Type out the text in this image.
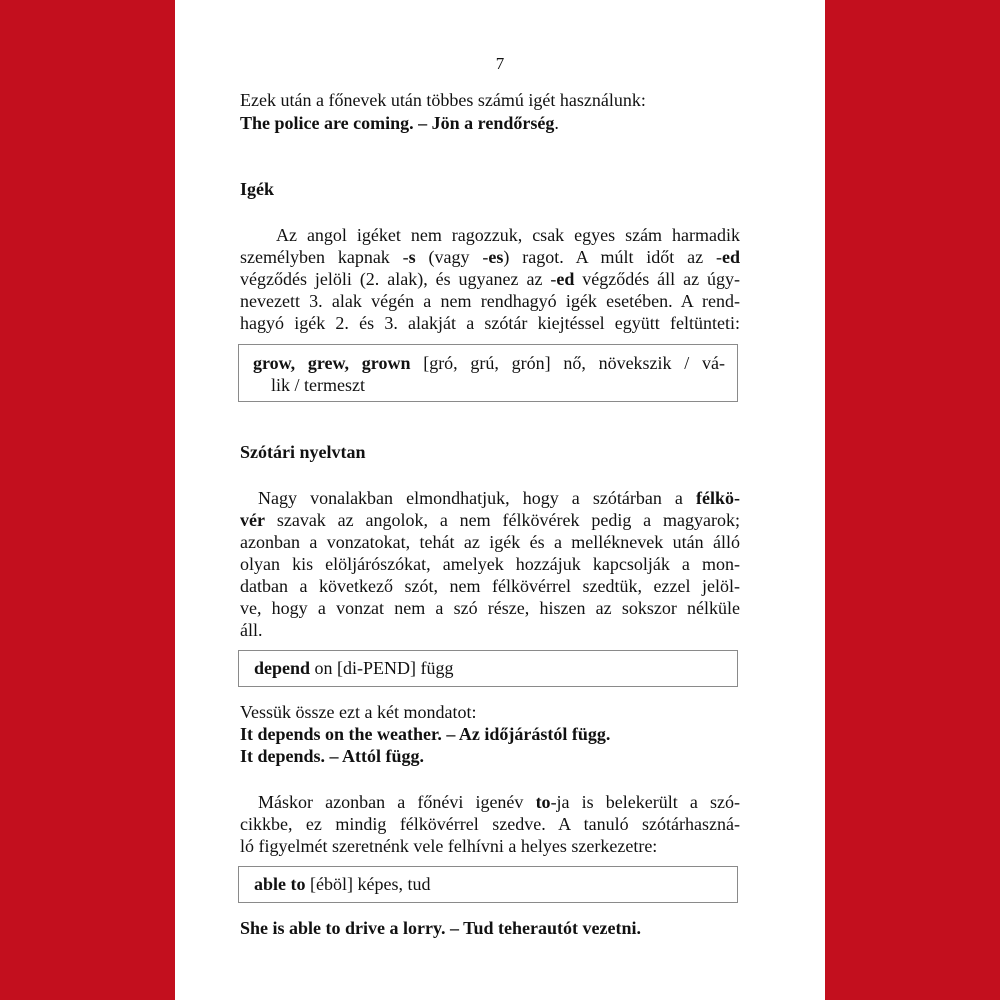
7
Ezek után a főnevek után többes számú igét használunk:
The police are coming. – Jön a rendőrség.
Igék
Az angol igéket nem ragozzuk, csak egyes szám harmadik
személyben kapnak -s (vagy -es) ragot. A múlt időt az -ed
végződés jelöli (2. alak), és ugyanez az -ed végződés áll az úgy-
nevezett 3. alak végén a nem rendhagyó igék esetében. A rend-
hagyó igék 2. és 3. alakját a szótár kiejtéssel együtt feltünteti:
grow, grew, grown [gró, grú, grón] nő, növekszik / vá-
lik / termeszt
Szótári nyelvtan
Nagy vonalakban elmondhatjuk, hogy a szótárban a félkö-
vér szavak az angolok, a nem félkövérek pedig a magyarok;
azonban a vonzatokat, tehát az igék és a melléknevek után álló
olyan kis elöljárószókat, amelyek hozzájuk kapcsolják a mon-
datban a következő szót, nem félkövérrel szedtük, ezzel jelöl-
ve, hogy a vonzat nem a szó része, hiszen az sokszor nélküle
áll.
depend on [di-PEND] függ
Vessük össze ezt a két mondatot:
It depends on the weather. – Az időjárástól függ.
It depends. – Attól függ.
Máskor azonban a főnévi igenév to-ja is belekerült a szó-
cikkbe, ez mindig félkövérrel szedve. A tanuló szótárhaszná-
ló figyelmét szeretnénk vele felhívni a helyes szerkezetre:
able to [éböl] képes, tud
She is able to drive a lorry. – Tud teherautót vezetni.
